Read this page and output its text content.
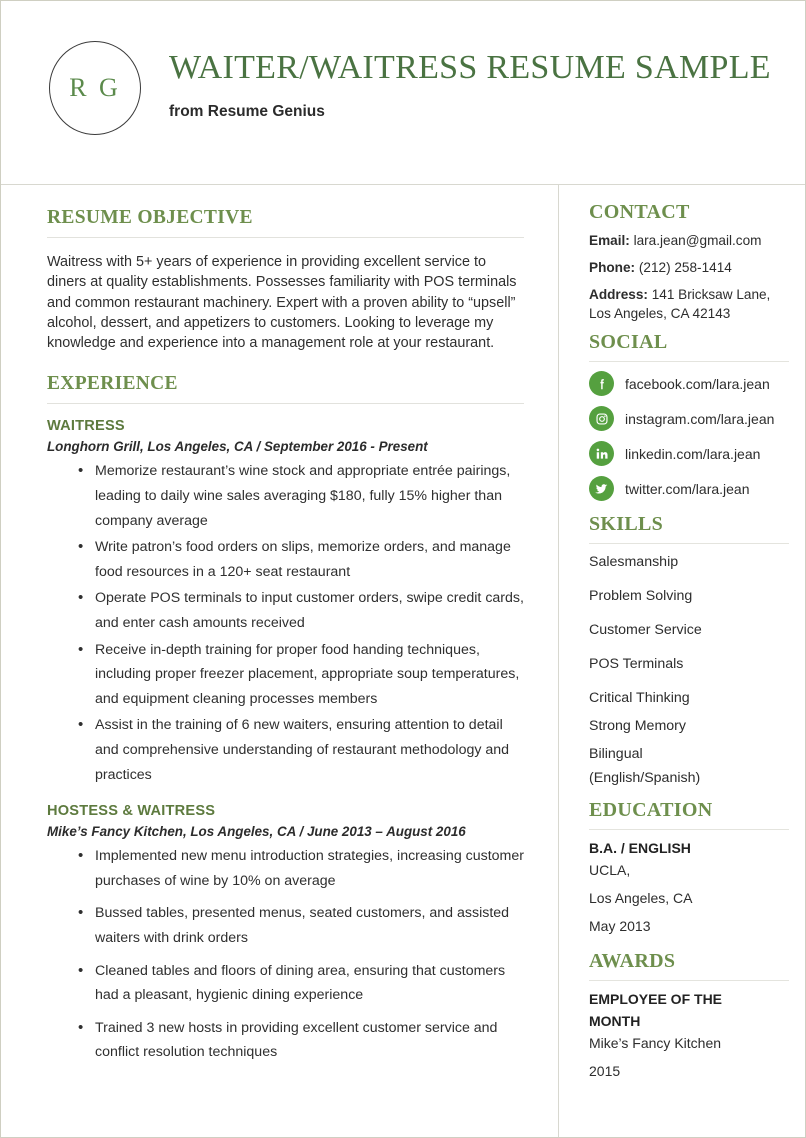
R G
WAITER/WAITRESS RESUME SAMPLE
from Resume Genius
RESUME OBJECTIVE

Waitress with 5+ years of experience in providing excellent service to diners at quality establishments. Possesses familiarity with POS terminals and common restaurant machinery. Expert with a proven ability to “upsell” alcohol, dessert, and appetizers to customers. Looking to leverage my knowledge and experience into a management role at your restaurant.

EXPERIENCE
WAITRESS
Longhorn Grill, Los Angeles, CA / September 2016 - Present
• Memorize restaurant’s wine stock and appropriate entrée pairings, leading to daily wine sales averaging $180, fully 15% higher than company average
• Write patron’s food orders on slips, memorize orders, and manage food resources in a 120+ seat restaurant
• Operate POS terminals to input customer orders, swipe credit cards, and enter cash amounts received
• Receive in-depth training for proper food handing techniques, including proper freezer placement, appropriate soup temperatures, and equipment cleaning processes members
• Assist in the training of 6 new waiters, ensuring attention to detail and comprehensive understanding of restaurant methodology and practices
HOSTESS & WAITRESS
Mike’s Fancy Kitchen, Los Angeles, CA / June 2013 – August 2016
• Implemented new menu introduction strategies, increasing customer purchases of wine by 10% on average
• Bussed tables, presented menus, seated customers, and assisted waiters with drink orders
• Cleaned tables and floors of dining area, ensuring that customers had a pleasant, hygienic dining experience
• Trained 3 new hosts in providing excellent customer service and conflict resolution techniques
CONTACT
Email: lara.jean@gmail.com
Phone: (212) 258-1414
Address: 141 Bricksaw Lane,
Los Angeles, CA 42143
SOCIAL
facebook.com/lara.jean
instagram.com/lara.jean
linkedin.com/lara.jean
twitter.com/lara.jean
SKILLS
Salesmanship
Problem Solving
Customer Service
POS Terminals
Critical Thinking
Strong Memory
Bilingual
(English/Spanish)
EDUCATION
B.A. / ENGLISH
UCLA,
Los Angeles, CA
May 2013
AWARDS
EMPLOYEE OF THE
MONTH
Mike’s Fancy Kitchen
2015
